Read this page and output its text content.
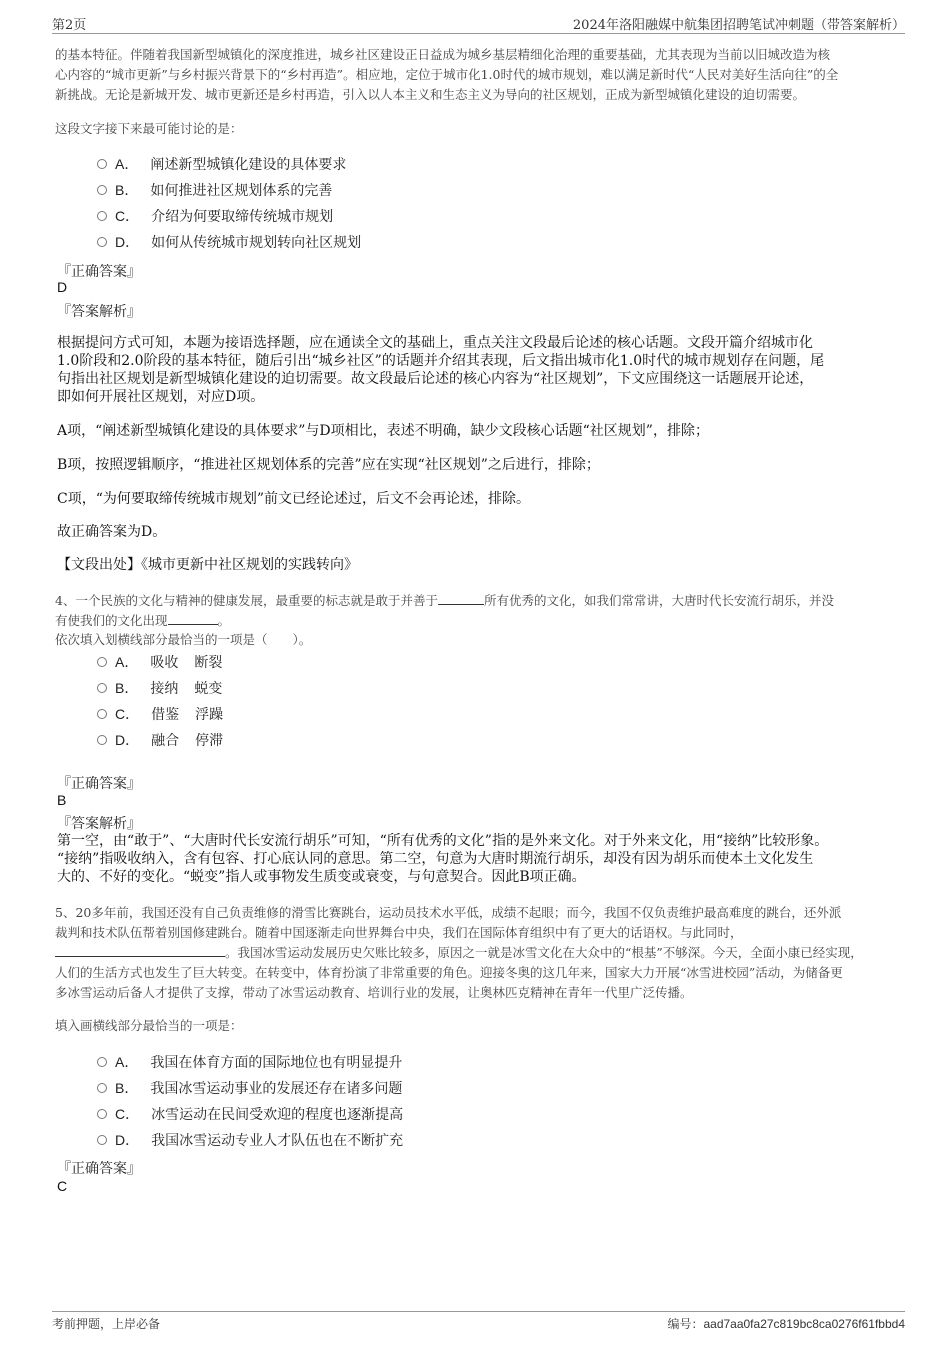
第2页	2024年洛阳融媒中航集团招聘笔试冲刺题（带答案解析）
的基本特征。伴随着我国新型城镇化的深度推进，城乡社区建设正日益成为城乡基层精细化治理的重要基础，尤其表现为当前以旧城改造为核
心内容的“城市更新”与乡村振兴背景下的“乡村再造”。相应地，定位于城市化1.0时代的城市规划，难以满足新时代“人民对美好生活向往”的全
新挑战。无论是新城开发、城市更新还是乡村再造，引入以人本主义和生态主义为导向的社区规划，正成为新型城镇化建设的迫切需要。
这段文字接下来最可能讨论的是：
A． 阐述新型城镇化建设的具体要求
B． 如何推进社区规划体系的完善
C． 介绍为何要取缔传统城市规划
D． 如何从传统城市规划转向社区规划
『正确答案』
D
『答案解析』
根据提问方式可知，本题为接语选择题，应在通读全文的基础上，重点关注文段最后论述的核心话题。文段开篇介绍城市化
1.0阶段和2.0阶段的基本特征，随后引出“城乡社区”的话题并介绍其表现，后文指出城市化1.0时代的城市规划存在问题，尾
句指出社区规划是新型城镇化建设的迫切需要。故文段最后论述的核心内容为“社区规划”，下文应围绕这一话题展开论述，
即如何开展社区规划，对应D项。
A项，“阐述新型城镇化建设的具体要求”与D项相比，表述不明确，缺少文段核心话题“社区规划”，排除；
B项，按照逻辑顺序，“推进社区规划体系的完善”应在实现“社区规划”之后进行，排除；
C项，“为何要取缔传统城市规划”前文已经论述过，后文不会再论述，排除。
故正确答案为D。
【文段出处】《城市更新中社区规划的实践转向》
4、一个民族的文化与精神的健康发展，最重要的标志就是敢于并善于	所有优秀的文化，如我们常常讲，大唐时代长安流行胡乐，并没
有使我们的文化出现	。
依次填入划横线部分最恰当的一项是（　　）。
A． 吸收 断裂
B． 接纳 蜕变
C． 借鉴 浮躁
D． 融合 停滞
『正确答案』
B
『答案解析』
第一空，由“敢于”、“大唐时代长安流行胡乐”可知，“所有优秀的文化”指的是外来文化。对于外来文化，用“接纳”比较形象。
“接纳”指吸收纳入，含有包容、打心底认同的意思。第二空，句意为大唐时期流行胡乐，却没有因为胡乐而使本土文化发生
大的、不好的变化。“蜕变”指人或事物发生质变或衰变，与句意契合。因此B项正确。
5、20多年前，我国还没有自己负责维修的滑雪比赛跳台，运动员技术水平低，成绩不起眼；而今，我国不仅负责维护最高难度的跳台，还外派
裁判和技术队伍帮着别国修建跳台。随着中国逐渐走向世界舞台中央，我们在国际体育组织中有了更大的话语权。与此同时，
。我国冰雪运动发展历史欠账比较多，原因之一就是冰雪文化在大众中的“根基”不够深。今天，全面小康已经实现，
人们的生活方式也发生了巨大转变。在转变中，体育扮演了非常重要的角色。迎接冬奥的这几年来，国家大力开展“冰雪进校园”活动，为储备更
多冰雪运动后备人才提供了支撑，带动了冰雪运动教育、培训行业的发展，让奥林匹克精神在青年一代里广泛传播。
填入画横线部分最恰当的一项是：
A． 我国在体育方面的国际地位也有明显提升
B． 我国冰雪运动事业的发展还存在诸多问题
C． 冰雪运动在民间受欢迎的程度也逐渐提高
D． 我国冰雪运动专业人才队伍也在不断扩充
『正确答案』
C
考前押题，上岸必备	编号：aad7aa0fa27c819bc8ca0276f61fbbd4
